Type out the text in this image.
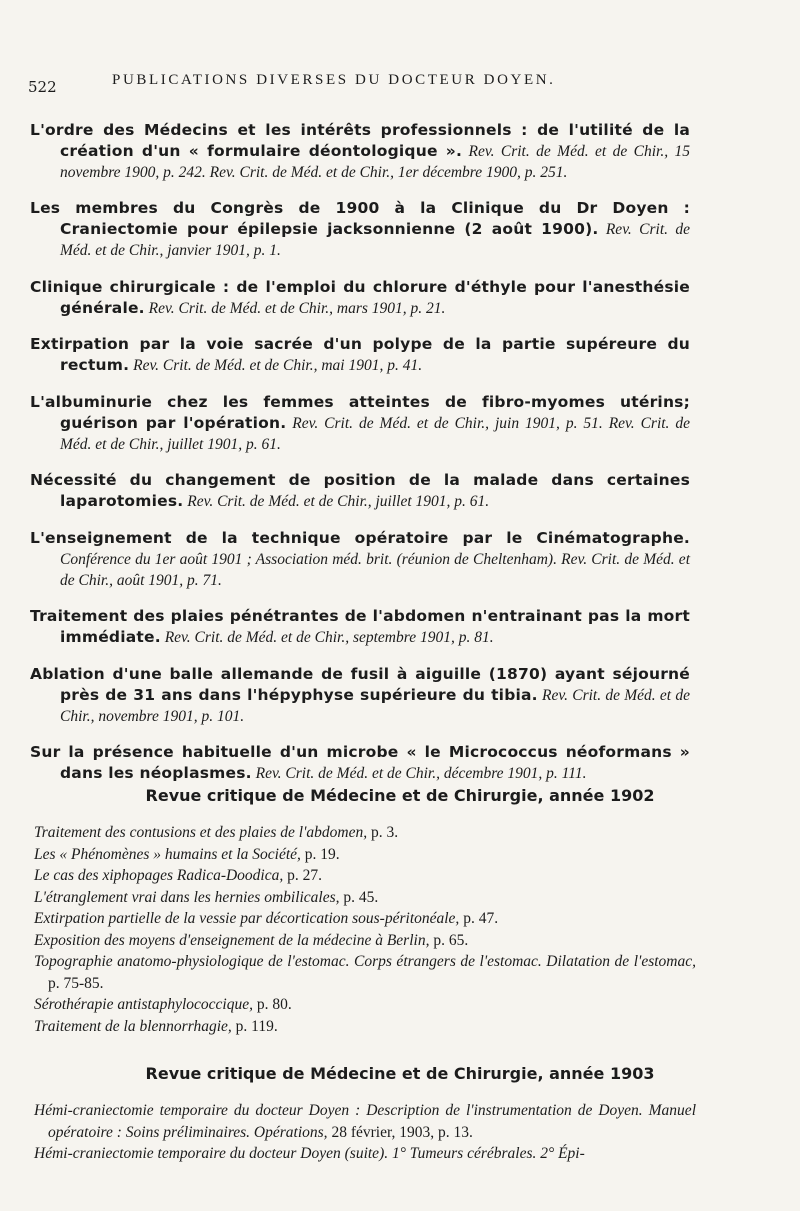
522	PUBLICATIONS DIVERSES DU DOCTEUR DOYEN.

L'ordre des Médecins et les intérêts professionnels : de l'utilité de la création d'un « formulaire déontologique ». Rev. Crit. de Méd. et de Chir., 15 novembre 1900, p. 242. Rev. Crit. de Méd. et de Chir., 1er décembre 1900, p. 251.

Les membres du Congrès de 1900 à la Clinique du Dr Doyen : Craniectomie pour épilepsie jacksonnienne (2 août 1900). Rev. Crit. de Méd. et de Chir., janvier 1901, p. 1.

Clinique chirurgicale : de l'emploi du chlorure d'éthyle pour l'anesthésie générale. Rev. Crit. de Méd. et de Chir., mars 1901, p. 21.

Extirpation par la voie sacrée d'un polype de la partie supéreure du rectum. Rev. Crit. de Méd. et de Chir., mai 1901, p. 41.

L'albuminurie chez les femmes atteintes de fibro-myomes utérins; guérison par l'opération. Rev. Crit. de Méd. et de Chir., juin 1901, p. 51. Rev. Crit. de Méd. et de Chir., juillet 1901, p. 61.

Nécessité du changement de position de la malade dans certaines laparotomies. Rev. Crit. de Méd. et de Chir., juillet 1901, p. 61.

L'enseignement de la technique opératoire par le Cinématographe. Conférence du 1er août 1901 ; Association méd. brit. (réunion de Cheltenham). Rev. Crit. de Méd. et de Chir., août 1901, p. 71.

Traitement des plaies pénétrantes de l'abdomen n'entrainant pas la mort immédiate. Rev. Crit. de Méd. et de Chir., septembre 1901, p. 81.

Ablation d'une balle allemande de fusil à aiguille (1870) ayant séjourné près de 31 ans dans l'hépyphyse supérieure du tibia. Rev. Crit. de Méd. et de Chir., novembre 1901, p. 101.

Sur la présence habituelle d'un microbe « le Micrococcus néoformans » dans les néoplasmes. Rev. Crit. de Méd. et de Chir., décembre 1901, p. 111.

Revue critique de Médecine et de Chirurgie, année 1902
Traitement des contusions et des plaies de l'abdomen, p. 3.
Les « Phénomènes » humains et la Société, p. 19.
Le cas des xiphopages Radica-Doodica, p. 27.
L'étranglement vrai dans les hernies ombilicales, p. 45.
Extirpation partielle de la vessie par décortication sous-péritonéale, p. 47.
Exposition des moyens d'enseignement de la médecine à Berlin, p. 65.
Topographie anatomo-physiologique de l'estomac. Corps étrangers de l'estomac. Dilatation de l'estomac, p. 75-85.
Sérothérapie antistaphylococcique, p. 80.
Traitement de la blennorrhagie, p. 119.
Revue critique de Médecine et de Chirurgie, année 1903
Hémi-craniectomie temporaire du docteur Doyen : Description de l'instrumentation de Doyen. Manuel opératoire : Soins préliminaires. Opérations, 28 février, 1903, p. 13.
Hémi-craniectomie temporaire du docteur Doyen (suite). 1° Tumeurs cérébrales. 2° Épi-
